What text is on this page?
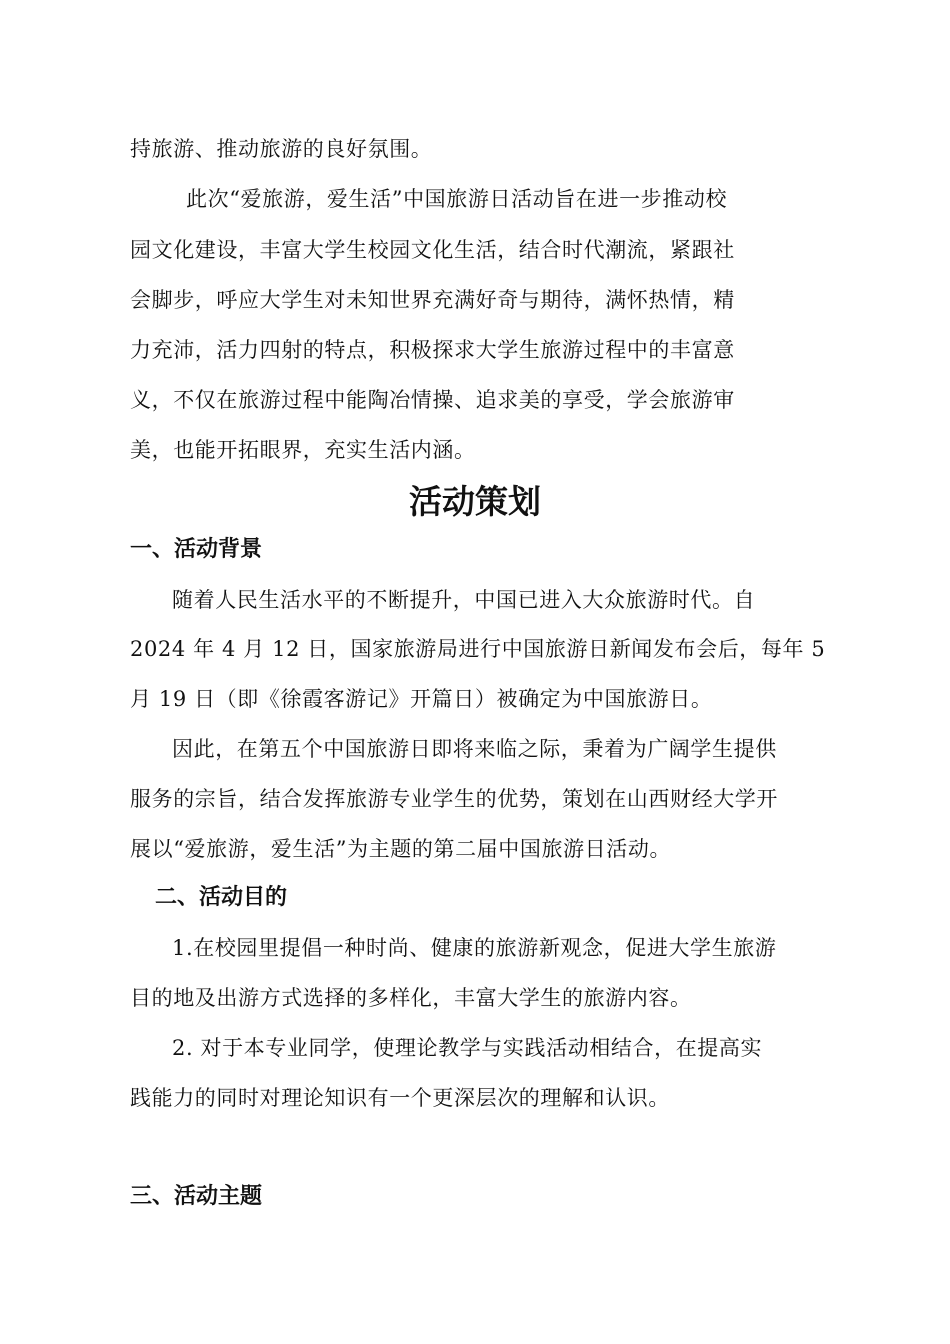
持旅游、推动旅游的良好氛围。
此次“爱旅游，爱生活”中国旅游日活动旨在进一步推动校
园文化建设，丰富大学生校园文化生活，结合时代潮流，紧跟社
会脚步，呼应大学生对未知世界充满好奇与期待，满怀热情，精
力充沛，活力四射的特点，积极探求大学生旅游过程中的丰富意
义，不仅在旅游过程中能陶冶情操、追求美的享受，学会旅游审
美，也能开拓眼界，充实生活内涵。
活动策划
一、活动背景
随着人民生活水平的不断提升，中国已进入大众旅游时代。自
2024 年 4 月 12 日，国家旅游局进行中国旅游日新闻发布会后，每年 5
月 19 日（即《徐霞客游记》开篇日）被确定为中国旅游日。
因此，在第五个中国旅游日即将来临之际，秉着为广阔学生提供
服务的宗旨，结合发挥旅游专业学生的优势，策划在山西财经大学开
展以“爱旅游，爱生活”为主题的第二届中国旅游日活动。
二、活动目的
1.在校园里提倡一种时尚、健康的旅游新观念，促进大学生旅游
目的地及出游方式选择的多样化，丰富大学生的旅游内容。
2. 对于本专业同学，使理论教学与实践活动相结合，在提高实
践能力的同时对理论知识有一个更深层次的理解和认识。
三、活动主题
